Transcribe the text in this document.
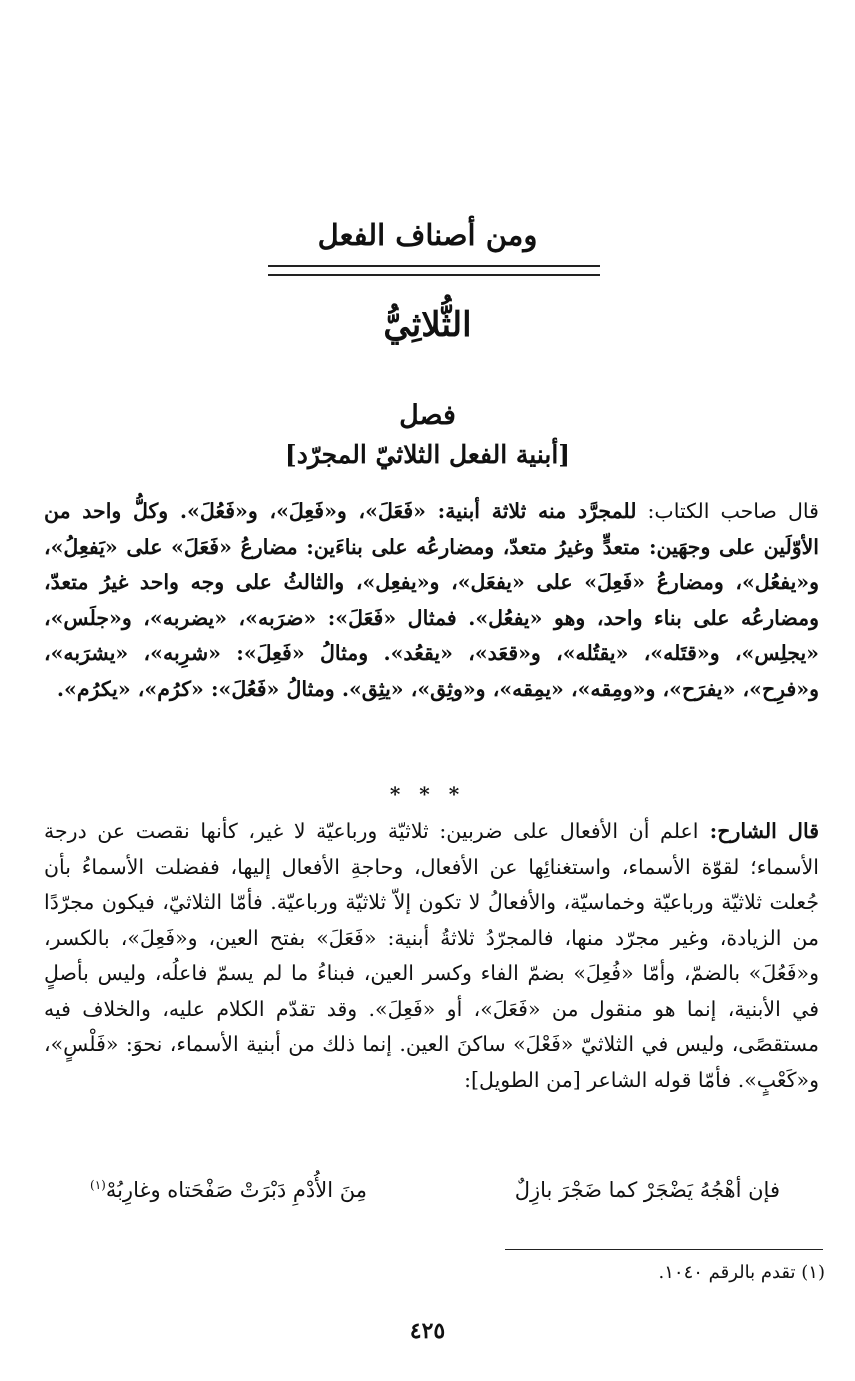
ومن أصناف الفعل
الثُّلاثِيُّ
فصل
[أبنية الفعل الثلاثيّ المجرّد]
قال صاحب الكتاب: للمجرَّد منه ثلاثة أبنية: «فَعَلَ»، و«فَعِلَ»، و«فَعُلَ». وكلُّ واحد من الأوّلَين على وجهَين: متعدٍّ وغيرُ متعدّ، ومضارعُه على بناءَين: مضارعُ «فَعَلَ» على «يَفعِلُ»، و«يفعُل»، ومضارعُ «فَعِلَ» على «يفعَل»، و«يفعِل»، والثالثُ على وجه واحد غيرُ متعدّ، ومضارعُه على بناء واحد، وهو «يفعُل». فمثال «فَعَلَ»: «ضرَبه»، «يضربه»، و«جلَس»، «يجلِس»، و«قتَله»، «يقتُله»، و«قعَد»، «يقعُد». ومثالُ «فَعِلَ»: «شرِبه»، «يشرَبه»، و«فرِح»، «يفرَح»، و«ومِقه»، «يمِقه»، و«وثِق»، «يثِق». ومثالُ «فَعُلَ»: «كرُم»، «يكرُم».
* * *
قال الشارح: اعلم أن الأفعال على ضربين: ثلاثيّة ورباعيّة لا غير، كأنها نقصت عن درجة الأسماء؛ لقوّة الأسماء، واستغنائِها عن الأفعال، وحاجةِ الأفعال إليها، ففضلت الأسماءُ بأن جُعلت ثلاثيّة ورباعيّة وخماسيّة، والأفعالُ لا تكون إلاّ ثلاثيّة ورباعيّة. فأمّا الثلاثيّ، فيكون مجرّدًا من الزيادة، وغير مجرّد منها، فالمجرّدُ ثلاثةُ أبنية: «فَعَلَ» بفتح العين، و«فَعِلَ»، بالكسر، و«فَعُلَ» بالضمّ، وأمّا «فُعِلَ» بضمّ الفاء وكسر العين، فبناءُ ما لم يسمّ فاعلُه، وليس بأصلٍ في الأبنية، إنما هو منقول من «فَعَلَ»، أو «فَعِلَ». وقد تقدّم الكلام عليه، والخلاف فيه مستقصًى، وليس في الثلاثيّ «فَعْلَ» ساكنَ العين. إنما ذلك من أبنية الأسماء، نحوَ: «فَلْسٍ»، و«كَعْبٍ». فأمّا قوله الشاعر [من الطويل]:
فإن أهْجُهُ يَضْجَرْ كما ضَجْرَ بازِلٌ
مِنَ الأُدْمِ دَبْرَتْ صَفْحَتاه وغارِبُهْ$^{(١)}$
(١) تقدم بالرقم ١٠٤٠.
٤٢٥
